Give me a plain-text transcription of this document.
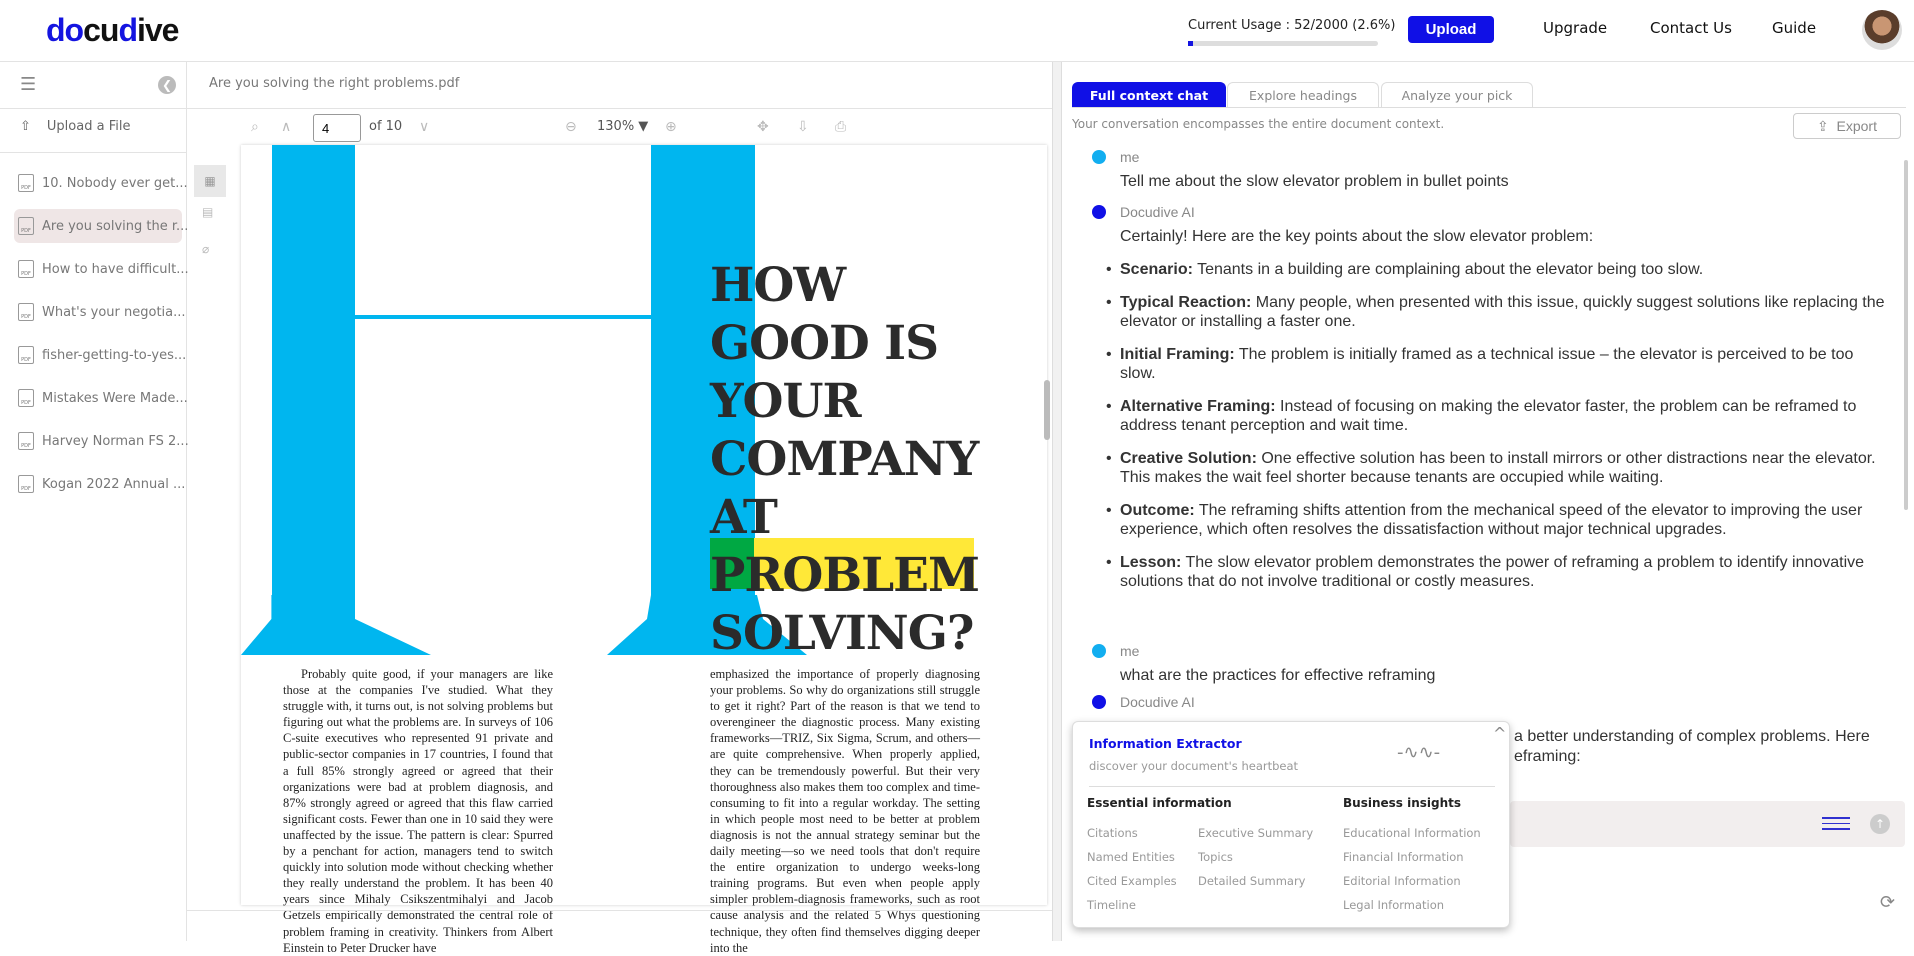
docudive	Current Usage : 52/2000 (2.6%)	Upload	Upgrade	Contact Us	Guide
☰	❮
⇧ Upload a File
PDF 10. Nobody ever get...
PDF Are you solving the r...
PDF How to have difficult...
PDF What's your negotia...
PDF fisher-getting-to-yes...
PDF Mistakes Were Made...
PDF Harvey Norman FS 2...
PDF Kogan 2022 Annual ...
Are you solving the right problems.pdf
⌕ ∧
4	of 10 ∨	⊖ 130% ▼ ⊕	✥ ⇩ ⎙
▦
▤
⌀
HOW GOOD IS YOUR COMPANY AT PROBLEM SOLVING?
Probably quite good, if your managers are like those at the companies I've studied. What they struggle with, it turns out, is not solving problems but figuring out what the problems are. In surveys of 106 C-suite executives who represented 91 private and public-sector companies in 17 countries, I found that a full 85% strongly agreed or agreed that their organizations were bad at problem diagnosis, and 87% strongly agreed or agreed that this flaw carried significant costs. Fewer than one in 10 said they were unaffected by the issue. The pattern is clear: Spurred by a penchant for action, managers tend to switch quickly into solution mode without checking whether they really understand the problem. It has been 40 years since Mihaly Csikszentmihalyi and Jacob Getzels empirically demonstrated the central role of problem framing in creativity. Thinkers from Albert Einstein to Peter Drucker have
emphasized the importance of properly diagnosing your problems. So why do organizations still struggle to get it right? Part of the reason is that we tend to overengineer the diagnostic process. Many existing frameworks—TRIZ, Six Sigma, Scrum, and others—are quite comprehensive. When properly applied, they can be tremendously powerful. But their very thoroughness also makes them too complex and time-consuming to fit into a regular workday. The setting in which people most need to be better at problem diagnosis is not the annual strategy seminar but the daily meeting—so we need tools that don't require the entire organization to undergo weeks-long training programs. But even when people apply simpler problem-diagnosis frameworks, such as root cause analysis and the related 5 Whys questioning technique, they often find themselves digging deeper into the
Full context chat	Explore headings	Analyze your pick
Your conversation encompasses the entire document context.	⇪ Export
me
Tell me about the slow elevator problem in bullet points
Docudive AI
Certainly! Here are the key points about the slow elevator problem:
• Scenario: Tenants in a building are complaining about the elevator being too slow.
• Typical Reaction: Many people, when presented with this issue, quickly suggest solutions like replacing the elevator or installing a faster one.
• Initial Framing: The problem is initially framed as a technical issue – the elevator is perceived to be too slow.
• Alternative Framing: Instead of focusing on making the elevator faster, the problem can be reframed to address tenant perception and wait time.
• Creative Solution: One effective solution has been to install mirrors or other distractions near the elevator. This makes the wait feel shorter because tenants are occupied while waiting.
• Outcome: The reframing shifts attention from the mechanical speed of the elevator to improving the user experience, which often resolves the dissatisfaction without major technical upgrades.
• Lesson: The slow elevator problem demonstrates the power of reframing a problem to identify innovative solutions that do not involve traditional or costly measures.
me
what are the practices for effective reframing
Docudive AI
a better understanding of complex problems. Here
eframing:
↑
⟳
Information Extractor
discover your document's heartbeat
-∿∿-
^
Essential information	Business insights
Citations
Named Entities
Cited Examples
Timeline
Executive Summary
Topics
Detailed Summary
Educational Information
Financial Information
Editorial Information
Legal Information
